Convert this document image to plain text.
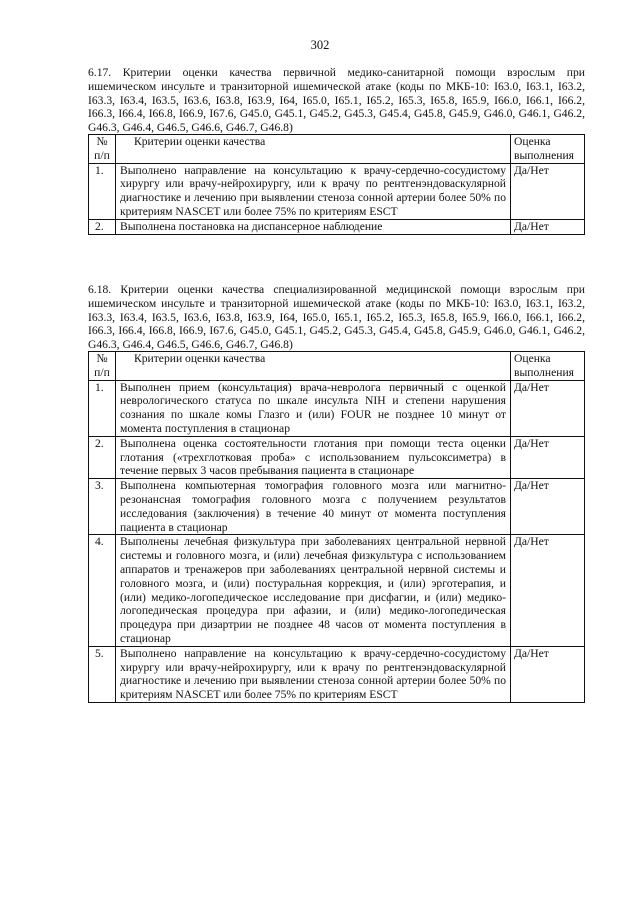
302

6.17. Критерии оценки качества первичной медико-санитарной помощи взрослым при ишемическом инсульте и транзиторной ишемической атаке (коды по МКБ-10: I63.0, I63.1, I63.2, I63.3, I63.4, I63.5, I63.6, I63.8, I63.9, I64, I65.0, I65.1, I65.2, I65.3, I65.8, I65.9, I66.0, I66.1, I66.2, I66.3, I66.4, I66.8, I66.9, I67.6, G45.0, G45.1, G45.2, G45.3, G45.4, G45.8, G45.9, G46.0, G46.1, G46.2, G46.3, G46.4, G46.5, G46.6, G46.7, G46.8)

№ п/п	Критерии оценки качества	Оценка выполнения
1.	Выполнено направление на консультацию к врачу-сердечно-сосудистому хирургу или врачу-нейрохирургу, или к врачу по рентгенэндоваскулярной диагностике и лечению при выявлении стеноза сонной артерии более 50% по критериям NASCET или более 75% по критериям ESCT	Да/Нет
2.	Выполнена постановка на диспансерное наблюдение	Да/Нет

6.18. Критерии оценки качества специализированной медицинской помощи взрослым при ишемическом инсульте и транзиторной ишемической атаке (коды по МКБ-10: I63.0, I63.1, I63.2, I63.3, I63.4, I63.5, I63.6, I63.8, I63.9, I64, I65.0, I65.1, I65.2, I65.3, I65.8, I65.9, I66.0, I66.1, I66.2, I66.3, I66.4, I66.8, I66.9, I67.6, G45.0, G45.1, G45.2, G45.3, G45.4, G45.8, G45.9, G46.0, G46.1, G46.2, G46.3, G46.4, G46.5, G46.6, G46.7, G46.8)

№ п/п	Критерии оценки качества	Оценка выполнения
1.	Выполнен прием (консультация) врача-невролога первичный с оценкой неврологического статуса по шкале инсульта NIH и степени нарушения сознания по шкале комы Глазго и (или) FOUR не позднее 10 минут от момента поступления в стационар	Да/Нет
2.	Выполнена оценка состоятельности глотания при помощи теста оценки глотания («трехглотковая проба» с использованием пульсоксиметра) в течение первых 3 часов пребывания пациента в стационаре	Да/Нет
3.	Выполнена компьютерная томография головного мозга или магнитно-резонансная томография головного мозга с получением результатов исследования (заключения) в течение 40 минут от момента поступления пациента в стационар	Да/Нет
4.	Выполнены лечебная физкультура при заболеваниях центральной нервной системы и головного мозга, и (или) лечебная физкультура с использованием аппаратов и тренажеров при заболеваниях центральной нервной системы и головного мозга, и (или) постуральная коррекция, и (или) эрготерапия, и (или) медико-логопедическое исследование при дисфагии, и (или) медико-логопедическая процедура при афазии, и (или) медико-логопедическая процедура при дизартрии не позднее 48 часов от момента поступления в стационар	Да/Нет
5.	Выполнено направление на консультацию к врачу-сердечно-сосудистому хирургу или врачу-нейрохирургу, или к врачу по рентгенэндоваскулярной диагностике и лечению при выявлении стеноза сонной артерии более 50% по критериям NASCET или более 75% по критериям ESCT	Да/Нет
